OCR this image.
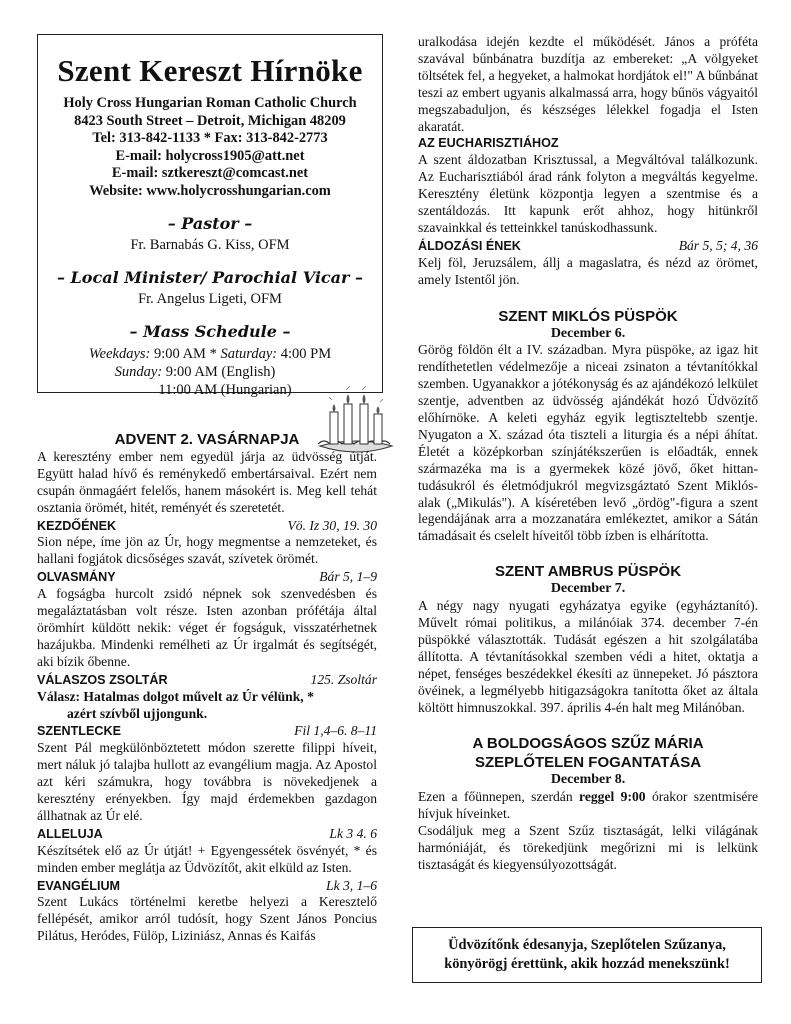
Szent Kereszt Hírnöke
Holy Cross Hungarian Roman Catholic Church
8423 South Street – Detroit, Michigan 48209
Tel: 313-842-1133 * Fax: 313-842-2773
E-mail: holycross1905@att.net
E-mail: sztkereszt@comcast.net
Website: www.holycrosshungarian.com
– Pastor –
Fr. Barnabás G. Kiss, OFM
– Local Minister/ Parochial Vicar –
Fr. Angelus Ligeti, OFM
– Mass Schedule –
Weekdays: 9:00 AM * Saturday: 4:00 PM
Sunday: 9:00 AM (English)
11:00 AM (Hungarian)
ADVENT 2. VASÁRNAPJA

A keresztény ember nem egyedül járja az üdvösség útját. Együtt halad hívő és reménykedő embertársaival. Ezért nem csupán önmagáért felelős, hanem másokért is. Meg kell tehát osztania örömét, hitét, reményét és szeretetét.

KEZDŐÉNEK	Vö. Iz 30, 19. 30

Sion népe, íme jön az Úr, hogy megmentse a nemzeteket, és hallani fogjátok dicsőséges szavát, szívetek örömét.

OLVASMÁNY	Bár 5, 1–9

A fogságba hurcolt zsidó népnek sok szenvedésben és megaláztatásban volt része. Isten azonban prófétája által örömhírt küldött nekik: véget ér fogságuk, visszatérhetnek hazájukba. Mindenki remélheti az Úr irgalmát és segítségét, aki bízik őbenne.

VÁLASZOS ZSOLTÁR	125. Zsoltár
Válasz: Hatalmas dolgot művelt az Úr vélünk, *
azért szívből ujjongunk.
SZENTLECKE	Fil 1,4–6. 8–11

Szent Pál megkülönböztetett módon szerette filippi híveit, mert náluk jó talajba hullott az evangélium magja. Az Apostol azt kéri számukra, hogy továbbra is növekedjenek a keresztény erényekben. Így majd érdemekben gazdagon állhatnak az Úr elé.

ALLELUJA	Lk 3 4. 6

Készítsétek elő az Úr útját! + Egyengessétek ösvényét, * és minden ember meglátja az Üdvözítőt, akit elküld az Isten.

EVANGÉLIUM	Lk 3, 1–6

Szent Lukács történelmi keretbe helyezi a Keresztelő fellépését, amikor arról tudósít, hogy Szent János Poncius Pilátus, Heródes, Fülöp, Liziniász, Annas és Kaifás

uralkodása idején kezdte el működését. János a próféta szavával bűnbánatra buzdítja az embereket: „A völgyeket töltsétek fel, a hegyeket, a halmokat hordjátok el!" A bűnbánat teszi az embert ugyanis alkalmassá arra, hogy bűnös vágyaitól megszabaduljon, és készséges lélekkel fogadja el Isten akaratát.

AZ EUCHARISZTIÁHOZ

A szent áldozatban Krisztussal, a Megváltóval találkozunk. Az Eucharisztiából árad ránk folyton a megváltás kegyelme. Keresztény életünk központja legyen a szentmise és a szentáldozás. Itt kapunk erőt ahhoz, hogy hitünkről szavainkkal és tetteinkkel tanúskodhassunk.

ÁLDOZÁSI ÉNEK	Bár 5, 5; 4, 36

Kelj föl, Jeruzsálem, állj a magaslatra, és nézd az örömet, amely Istentől jön.

SZENT MIKLÓS PÜSPÖK
December 6.

Görög földön élt a IV. században. Myra püspöke, az igaz hit rendíthetetlen védelmezője a niceai zsinaton a tévtanítókkal szemben. Ugyanakkor a jótékonyság és az ajándékozó lelkület szentje, adventben az üdvösség ajándékát hozó Üdvözítő előhírnöke. A keleti egyház egyik legtiszteltebb szentje. Nyugaton a X. század óta tiszteli a liturgia és a népi áhítat. Életét a középkorban színjátékszerűen is előadták, ennek származéka ma is a gyermekek közé jövő, őket hittan-tudásukról és életmódjukról megvizsgáztató Szent Miklós-alak („Mikulás"). A kíséretében levő „ördög"-figura a szent legendájának arra a mozzanatára emlékeztet, amikor a Sátán támadásait és cselelt híveitől több ízben is elhárította.

SZENT AMBRUS PÜSPÖK
December 7.

A négy nagy nyugati egyházatya egyike (egyháztanító). Művelt római politikus, a milánóiak 374. december 7-én püspökké választották. Tudását egészen a hit szolgálatába állította. A tévtanításokkal szemben védi a hitet, oktatja a népet, fenséges beszédekkel ékesíti az ünnepeket. Jó pásztora övéinek, a legmélyebb hitigazságokra tanította őket az általa költött himnuszokkal. 397. április 4-én halt meg Milánóban.

A BOLDOGSÁGOS SZŰZ MÁRIA
SZEPLŐTELEN FOGANTATÁSA
December 8.

Ezen a főünnepen, szerdán reggel 9:00 órakor szentmisére hívjuk híveinket.

Csodáljuk meg a Szent Szűz tisztaságát, lelki világának harmóniáját, és törekedjünk megőrizni mi is lelkünk tisztaságát és kiegyensúlyozottságát.

Üdvözítőnk édesanyja, Szeplőtelen Szűzanya,
könyörögj érettünk, akik hozzád menekszünk!
